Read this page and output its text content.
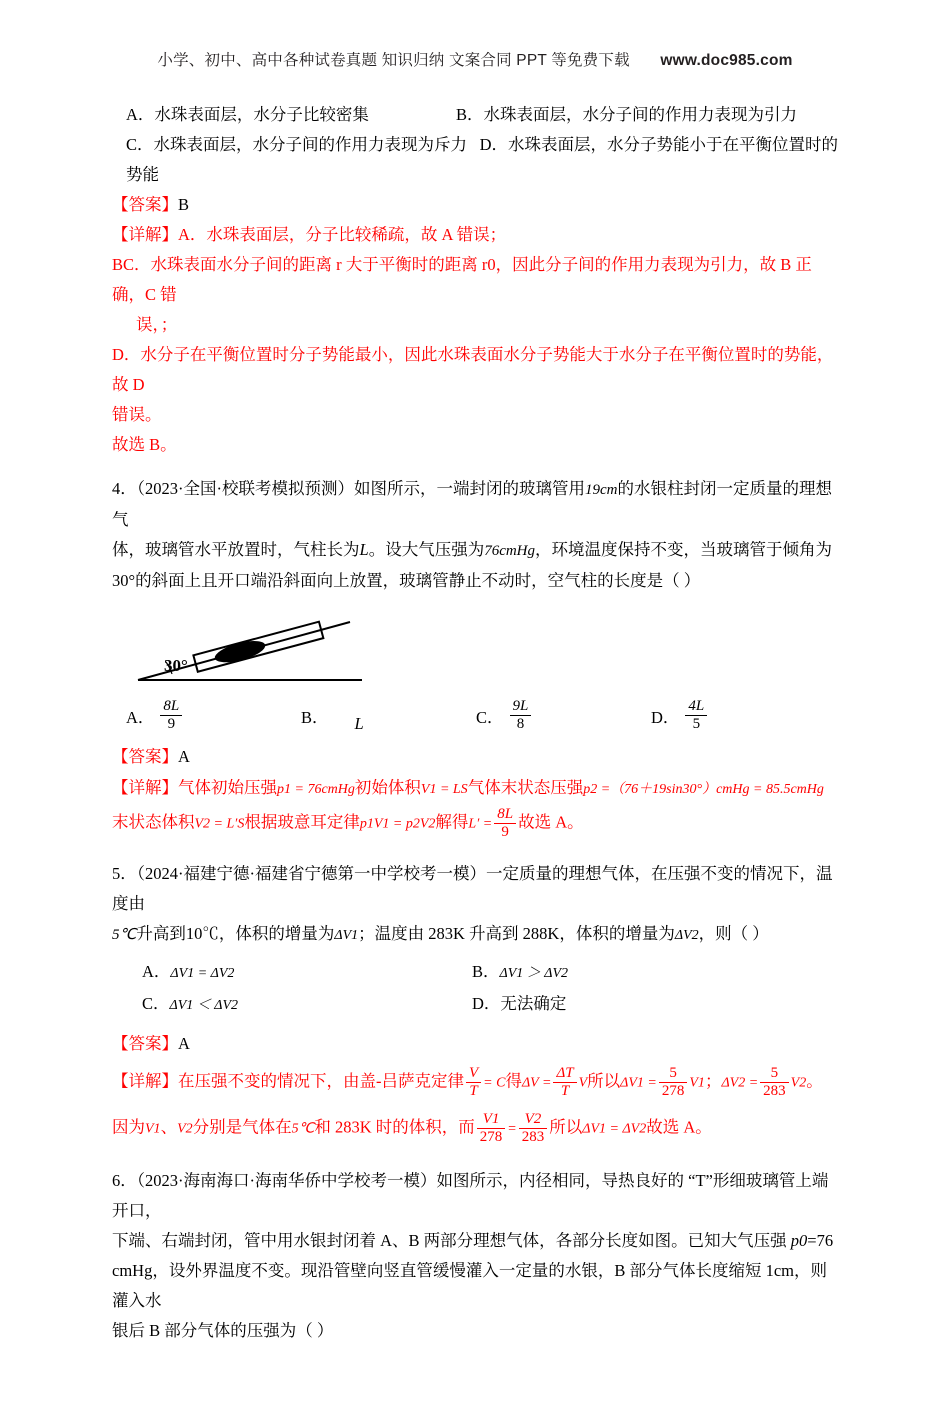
小学、初中、高中各种试卷真题 知识归纳 文案合同 PPT 等免费下载 www.doc985.com
A．水珠表面层，水分子比较密集	B．水珠表面层，水分子间的作用力表现为引力
C．水珠表面层，水分子间的作用力表现为斥力 D．水珠表面层，水分子势能小于在平衡位置时的
势能
【答案】B
【详解】A．水珠表面层，分子比较稀疏，故 A 错误；
BC．水珠表面水分子间的距离 r 大于平衡时的距离 r0，因此分子间的作用力表现为引力，故 B 正确，C 错
误，；
D．水分子在平衡位置时分子势能最小，因此水珠表面水分子势能大于水分子在平衡位置时的势能，故 D
错误。
故选 B。
4．（2023·全国·校联考模拟预测）如图所示，一端封闭的玻璃管用19cm的水银柱封闭一定质量的理想气
体，玻璃管水平放置时，气柱长为L。设大气压强为76cmHg，环境温度保持不变，当玻璃管于倾角为
30°的斜面上且开口端沿斜面向上放置，玻璃管静止不动时，空气柱的长度是（ ）
30°
A． $\frac{8L}{9}$	B． L	C． $\frac{9L}{8}$	D． $\frac{4L}{5}$
【答案】A
【详解】气体初始压强p1 = 76cmHg初始体积V1 = LS气体末状态压强p2 =（76＋19sin30°）cmHg = 85.5cmHg
末状态体积V2 = L′S根据玻意耳定律p1V1 = p2V2解得$L' = \frac{8L}{9}$ 故选 A。
5．（2024·福建宁德·福建省宁德第一中学校考一模）一定质量的理想气体，在压强不变的情况下，温度由
5℃升高到10℃，体积的增量为ΔV1；温度由 283K 升高到 288K，体积的增量为ΔV2，则（ ）
A．ΔV1 = ΔV2	B．ΔV1 ＞ ΔV2
C．ΔV1 ＜ ΔV2	D．无法确定
【答案】A
【详解】在压强不变的情况下，由盖-吕萨克定律 $\frac{V}{T} = C$得$\Delta V = \frac{\Delta T}{T}$ V所以$\Delta V1 = \frac{5}{278} V1$；$\Delta V2 = \frac{5}{283} V2$。
因为V1、V2分别是气体在5℃和 283K 时的体积，而 $\frac{V1}{278} = \frac{V2}{283}$ 所以ΔV1 = ΔV2故选 A。
6．（2023·海南海口·海南华侨中学校考一模）如图所示，内径相同，导热良好的 “T”形细玻璃管上端开口，
下端、右端封闭，管中用水银封闭着 A、B 两部分理想气体，各部分长度如图。已知大气压强 p0=76
cmHg，设外界温度不变。现沿管壁向竖直管缓慢灌入一定量的水银，B 部分气体长度缩短 1cm，则灌入水
银后 B 部分气体的压强为（ ）
